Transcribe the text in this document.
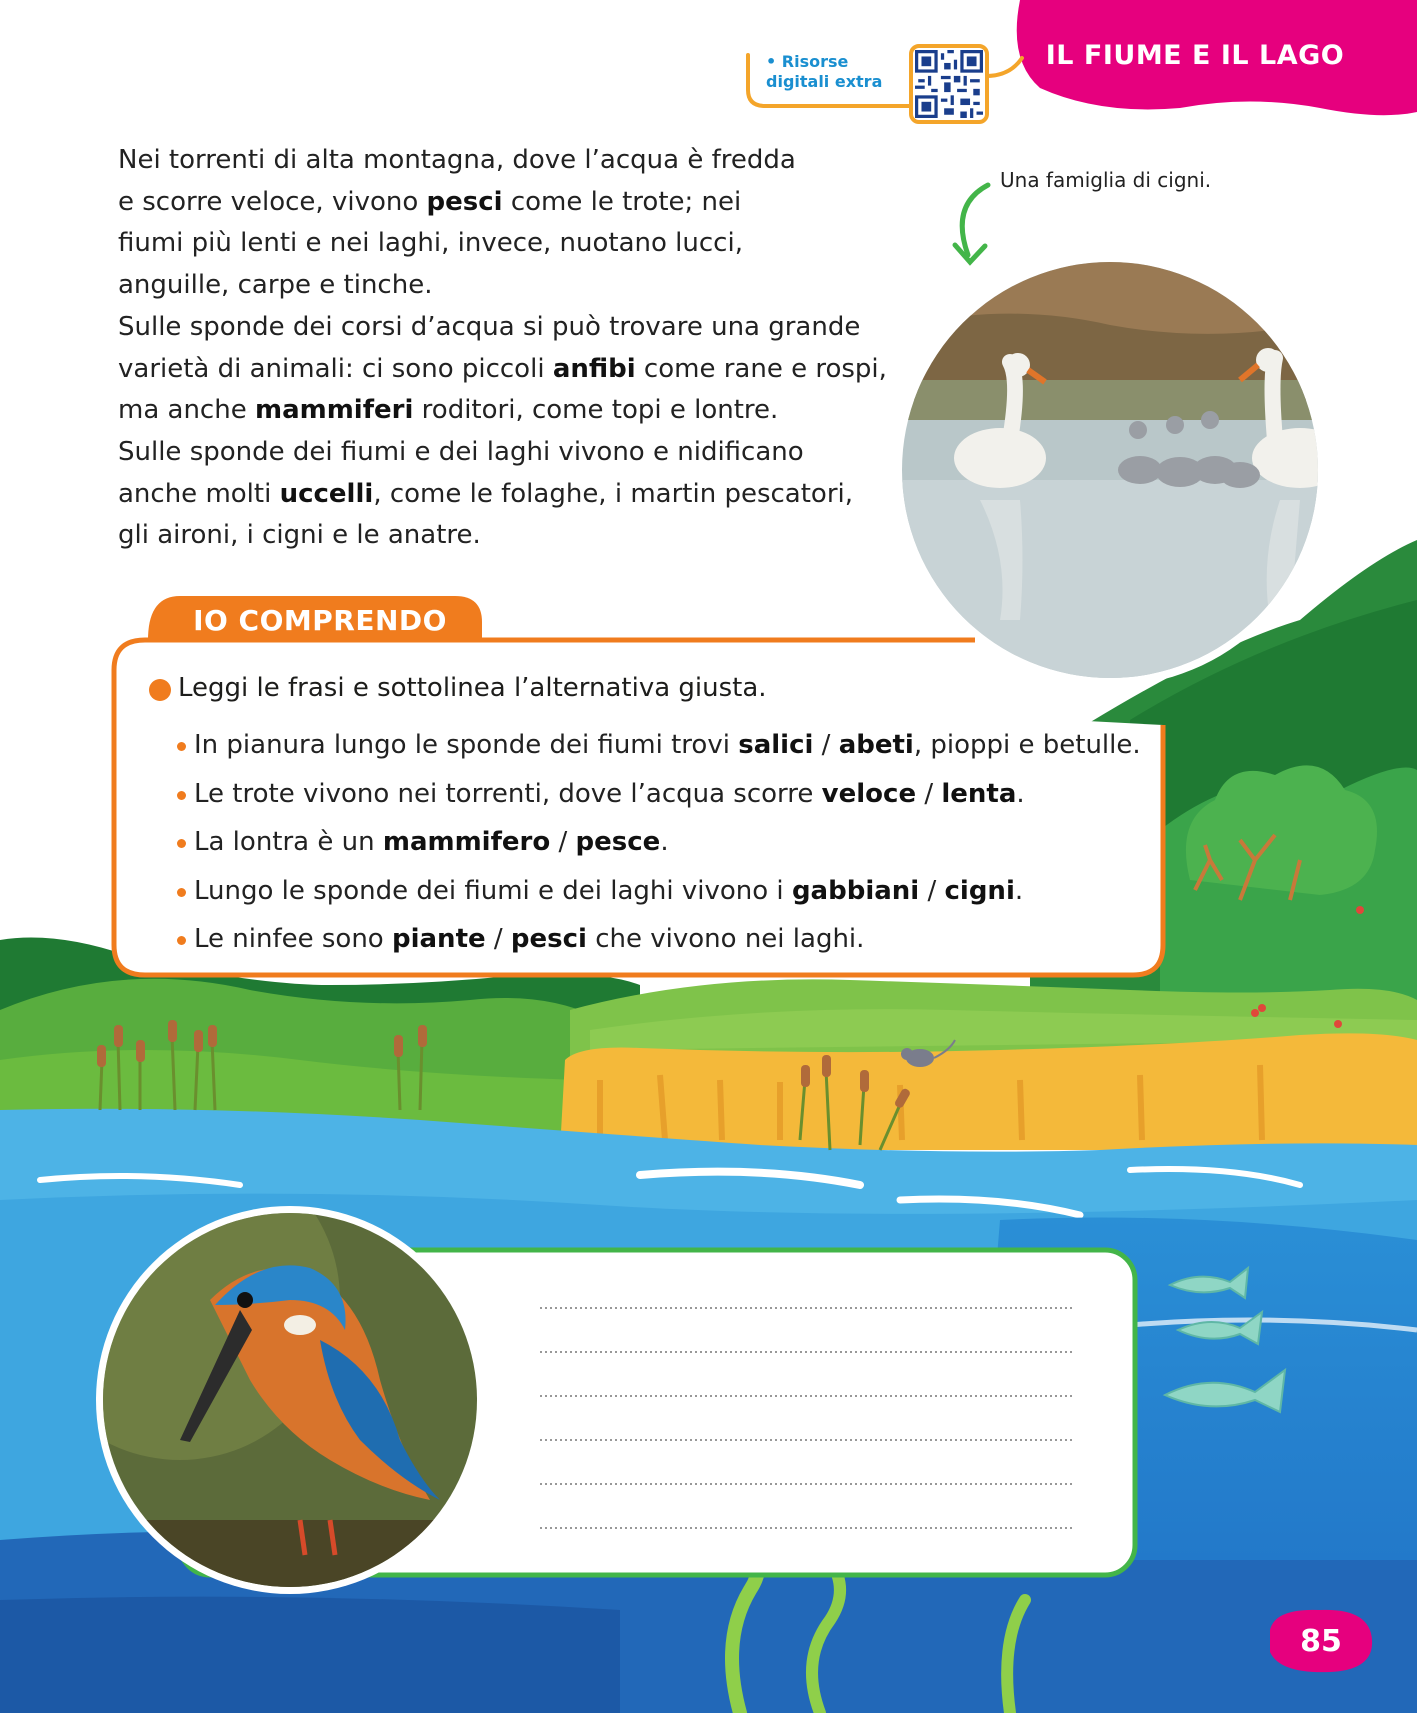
IL FIUME E IL LAGO
• Risorse
digitali extra

Nei torrenti di alta montagna, dove l’acqua è fredda e scorre veloce, vivono pesci come le trote; nei fiumi più lenti e nei laghi, invece, nuotano lucci, anguille, carpe e tinche.

Sulle sponde dei corsi d’acqua si può trovare una grande varietà di animali: ci sono piccoli anfibi come rane e rospi, ma anche mammiferi roditori, come topi e lontre.

Sulle sponde dei fiumi e dei laghi vivono e nidificano anche molti uccelli, come le folaghe, i martin pescatori, gli aironi, i cigni e le anatre.

Una famiglia di cigni.
IO COMPRENDO
Leggi le frasi e sottolinea l’alternativa giusta.
In pianura lungo le sponde dei fiumi trovi salici / abeti, pioppi e betulle.
Le trote vivono nei torrenti, dove l’acqua scorre veloce / lenta.
La lontra è un mammifero / pesce.
Lungo le sponde dei fiumi e dei laghi vivono i gabbiani / cigni.
Le ninfee sono piante / pesci che vivono nei laghi.
85
